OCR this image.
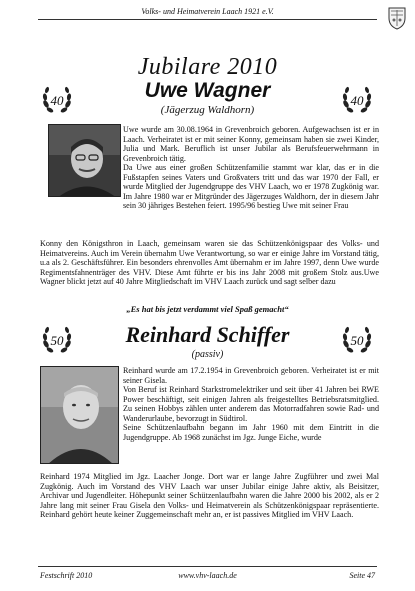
Volks- und Heimatverein Laach 1921 e.V.
Jubilare 2010
Uwe Wagner
(Jägerzug Waldhorn)
40	40

Uwe wurde am 30.08.1964 in Grevenbroich geboren. Aufgewachsen ist er in Laach. Verheiratet ist er mit seiner Konny, gemeinsam haben sie zwei Kinder, Julia und Mark. Beruflich ist unser Jubilar als Berufsfeuerwehrmann in Grevenbroich tätig.

Da Uwe aus einer großen Schützenfamilie stammt war klar, das er in die Fußstapfen seines Vaters und Großvaters tritt und das war 1970 der Fall, er wurde Mitglied der Jugendgruppe des VHV Laach, wo er 1978 Zugkönig war. Im Jahre 1980 war er Mitgründer des Jägerzuges Waldhorn, der in diesem Jahr sein 30 jähriges Bestehen feiert. 1995/96 bestieg Uwe mit seiner Frau

Konny den Königsthron in Laach, gemeinsam waren sie das Schützenkönigspaar des Volks- und Heimatvereins. Auch im Verein übernahm Uwe Verantwortung, so war er einige Jahre im Vorstand tätig, u.a als 2. Geschäftsführer. Ein besonders ehrenvolles Amt übernahm er im Jahre 1997, denn Uwe wurde Regimentsfahnenträger des VHV. Diese Amt führte er bis ins Jahr 2008 mit großem Stolz aus.Uwe Wagner blickt jetzt auf 40 Jahre Mitgliedschaft im VHV Laach zurück und sagt selber dazu

„Es hat bis jetzt verdammt viel Spaß gemacht“
Reinhard Schiffer
(passiv)
50	50

Reinhard wurde am 17.2.1954 in Grevenbroich geboren. Verheiratet ist er mit seiner Gisela.

Von Beruf ist Reinhard Starkstromelektriker und seit über 41 Jahren bei RWE Power beschäftigt, seit einigen Jahren als freigestelltes Betriebsratsmitglied. Zu seinen Hobbys zählen unter anderem das Motorradfahren sowie Rad- und Wanderurlaube, bevorzugt in Südtirol.

Seine Schützenlaufbahn begann im Jahr 1960 mit dem Eintritt in die Jugendgruppe. Ab 1968 zunächst im Jgz. Junge Eiche, wurde

Reinhard 1974 Mitglied im Jgz. Laacher Jonge. Dort war er lange Jahre Zugführer und zwei Mal Zugkönig. Auch im Vorstand des VHV Laach war unser Jubilar einige Jahre aktiv, als Beisitzer, Archivar und Jugendleiter. Höhepunkt seiner Schützenlaufbahn waren die Jahre 2000 bis 2002, als er 2 Jahre lang mit seiner Frau Gisela den Volks- und Heimatverein als Schützenkönigspaar repräsentierte. Reinhard gehört heute keiner Zuggemeinschaft mehr an, er ist passives Mitglied im VHV Laach.

Festschrift 2010	www.vhv-laach.de	Seite 47
